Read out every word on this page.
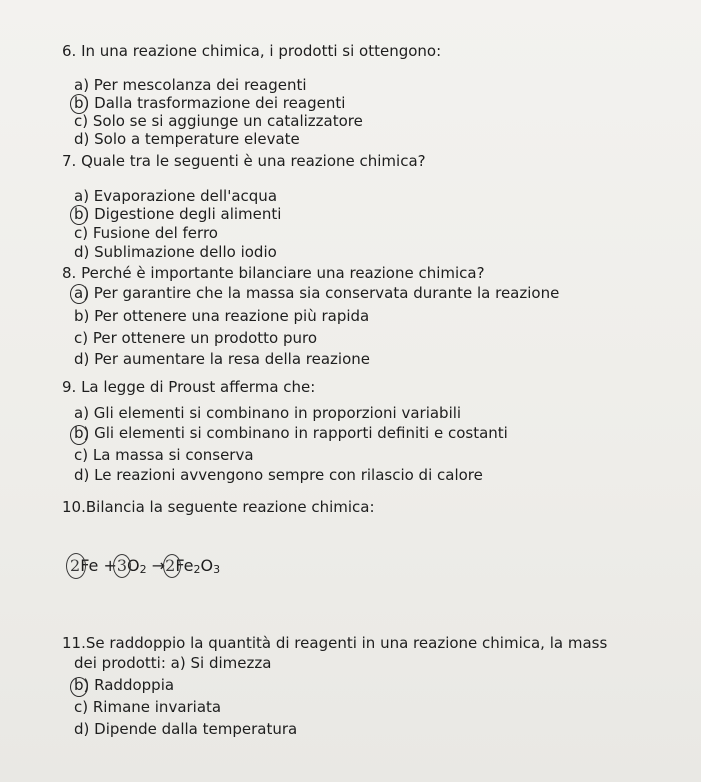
6. In una reazione chimica, i prodotti si ottengono:
a) Per mescolanza dei reagenti
b) Dalla trasformazione dei reagenti
c) Solo se si aggiunge un catalizzatore
d) Solo a temperature elevate
7. Quale tra le seguenti è una reazione chimica?
a) Evaporazione dell'acqua
b) Digestione degli alimenti
c) Fusione del ferro
d) Sublimazione dello iodio
8. Perché è importante bilanciare una reazione chimica?
a) Per garantire che la massa sia conservata durante la reazione
b) Per ottenere una reazione più rapida
c) Per ottenere un prodotto puro
d) Per aumentare la resa della reazione
9. La legge di Proust afferma che:
a) Gli elementi si combinano in proporzioni variabili
b) Gli elementi si combinano in rapporti definiti e costanti
c) La massa si conserva
d) Le reazioni avvengono sempre con rilascio di calore
10.Bilancia la seguente reazione chimica:
$2Fe +3O_2 \to 2Fe_2O_3$
11.Se raddoppio la quantità di reagenti in una reazione chimica, la mass
dei prodotti: a) Si dimezza
b) Raddoppia
c) Rimane invariata
d) Dipende dalla temperatura
